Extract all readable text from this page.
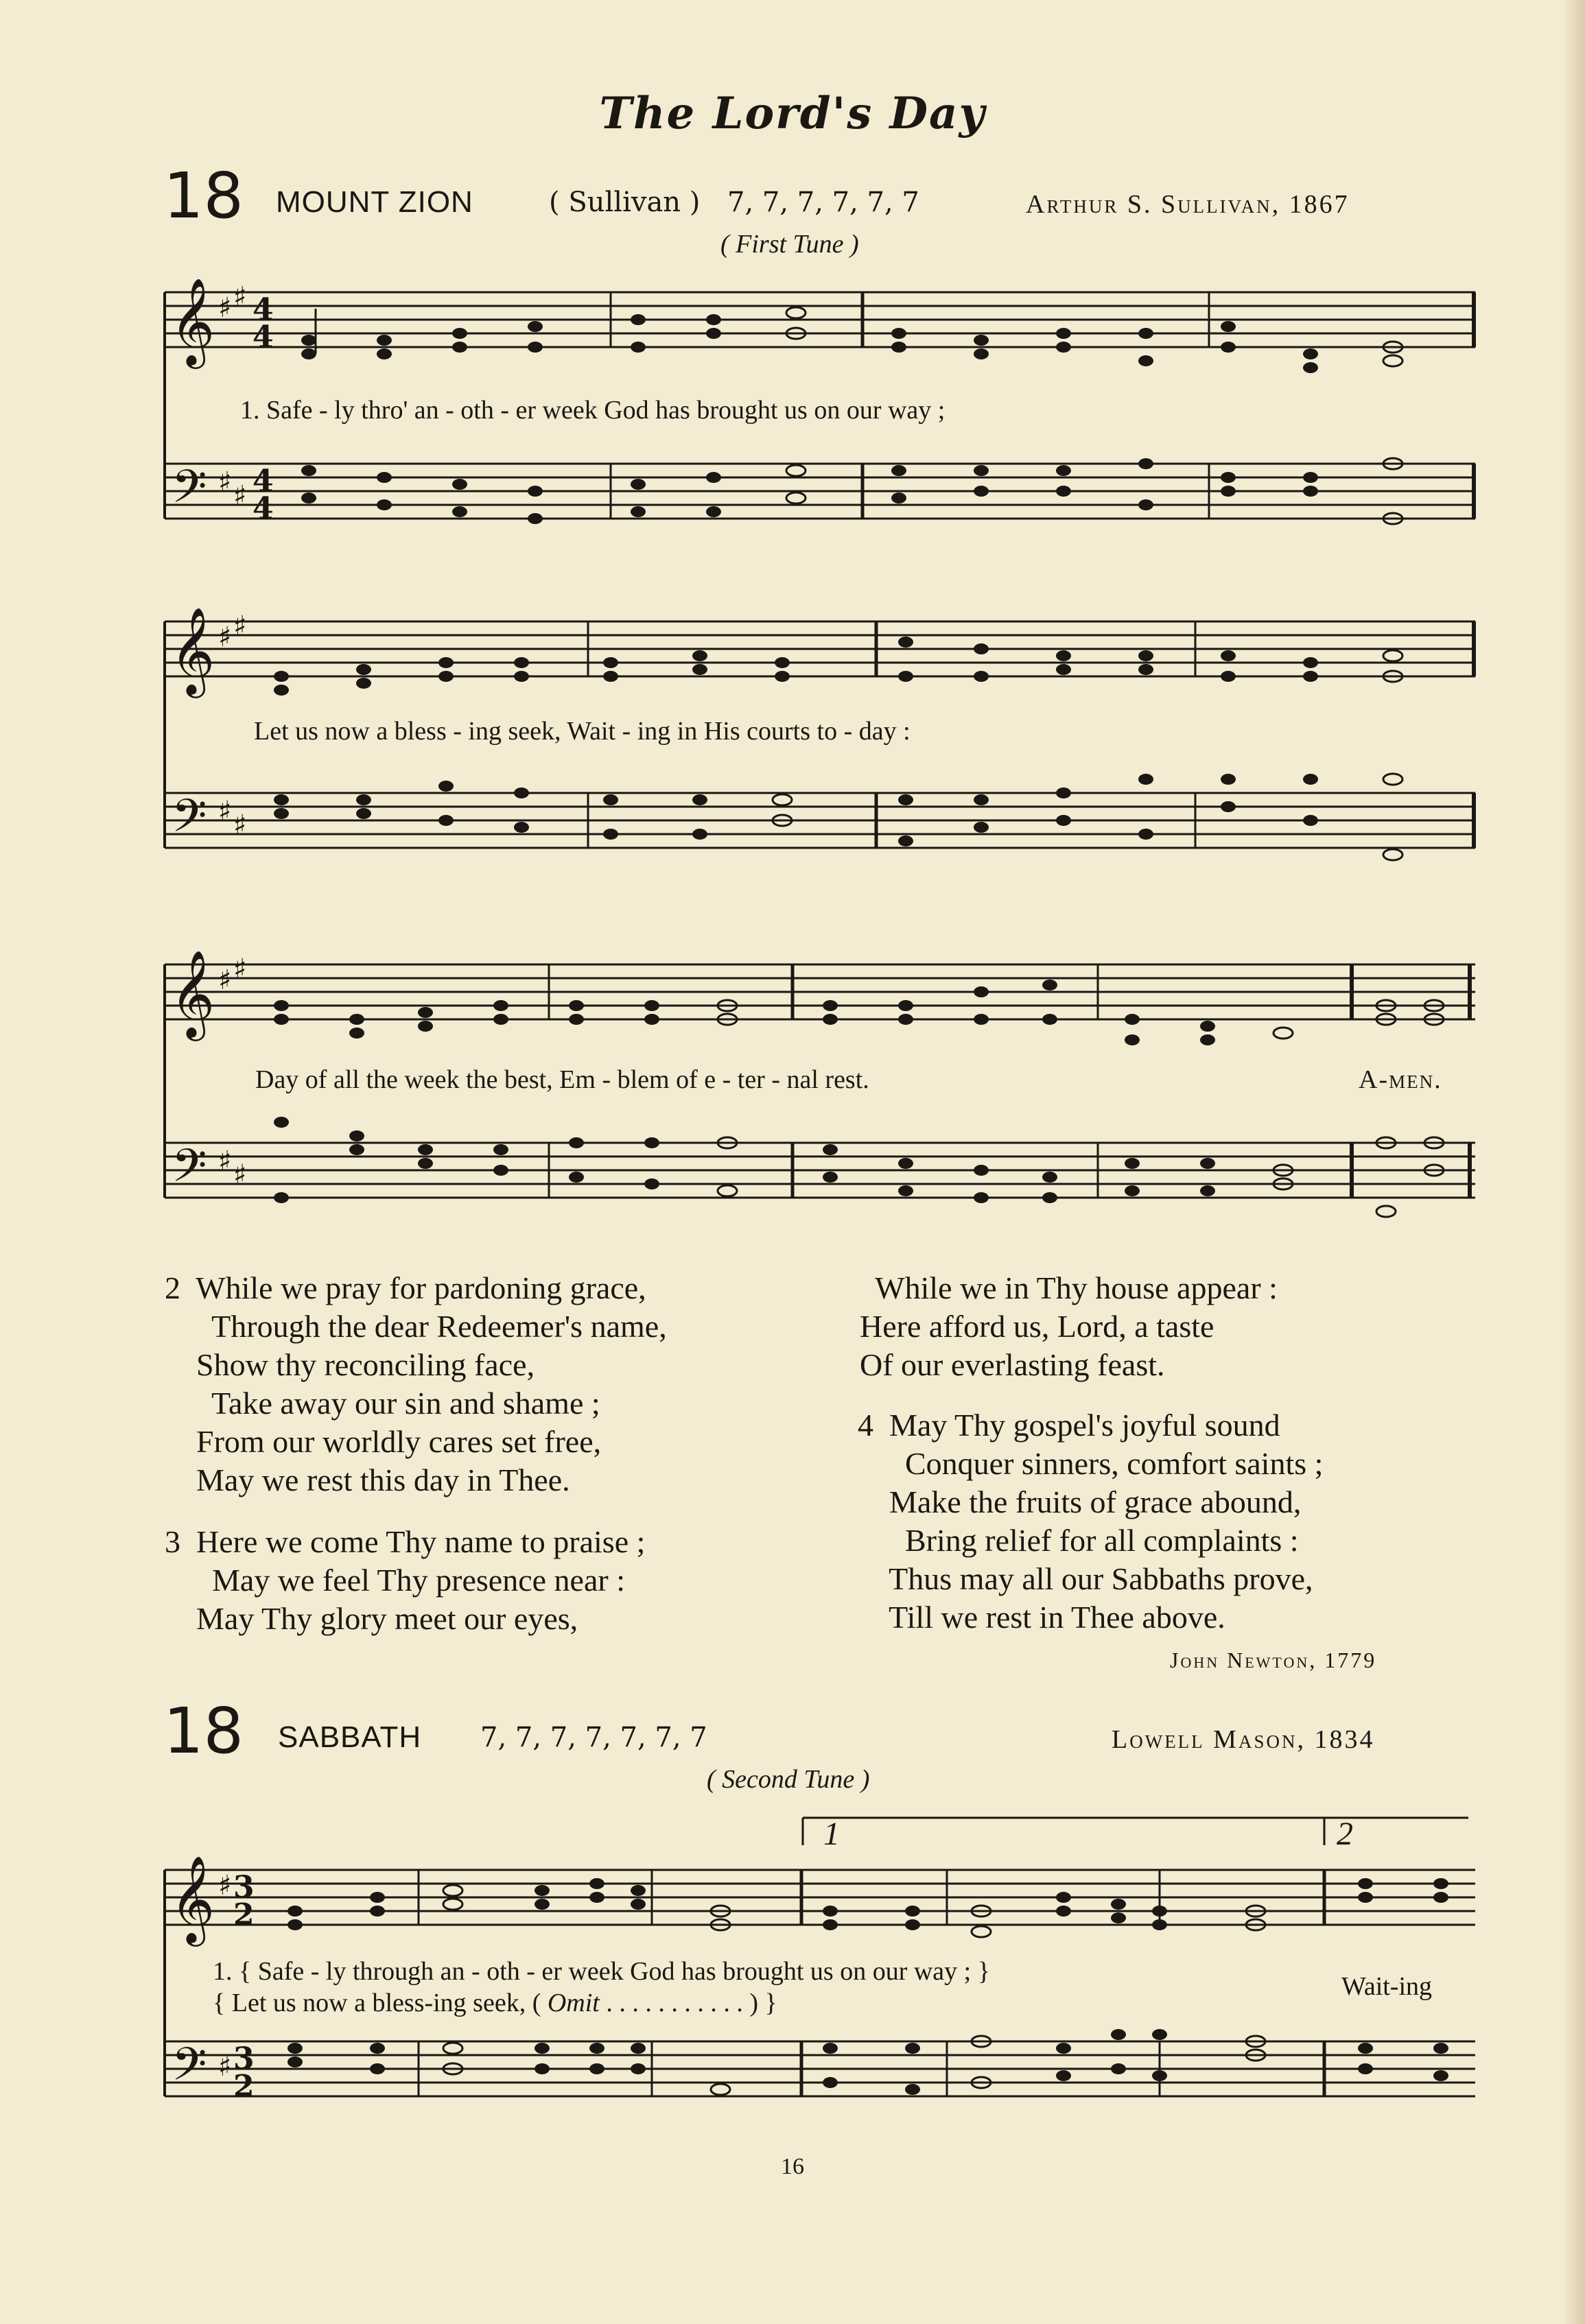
The Lord's Day
18 MOUNT ZION	( Sullivan ) 7, 7, 7, 7, 7, 7	Arthur S. Sullivan, 1867
( First Tune )
𝄞
𝄢
♯ ♯
♯ ♯
4
4
4
4
1. Safe - ly thro' an - oth - er week God has brought us on our way ;
𝄞
𝄢
♯ ♯
♯ ♯
Let us now a bless - ing seek, Wait - ing in His courts to - day :
𝄞
𝄢
♯ ♯
♯ ♯
Day of all the week the best, Em - blem of e - ter - nal rest.	A-men.
2  While we pray for pardoning grace,
Through the dear Redeemer's name,
Show thy reconciling face,
Take away our sin and shame ;
From our worldly cares set free,
May we rest this day in Thee.
3  Here we come Thy name to praise ;
May we feel Thy presence near :
May Thy glory meet our eyes,
While we in Thy house appear :
Here afford us, Lord, a taste
Of our everlasting feast.
4  May Thy gospel's joyful sound
Conquer sinners, comfort saints ;
Make the fruits of grace abound,
Bring relief for all complaints :
Thus may all our Sabbaths prove,
Till we rest in Thee above.
John Newton, 1779
18 SABBATH 7, 7, 7, 7, 7, 7, 7	Lowell Mason, 1834
( Second Tune )
1	2
𝄞
𝄢
♯
♯
3
2
3
2
1. { Safe - ly through an - oth - er week God has brought us on our way ; }
{ Let us now a bless-ing seek, ( Omit . . . . . . . . . . . ) }
Wait-ing
16
